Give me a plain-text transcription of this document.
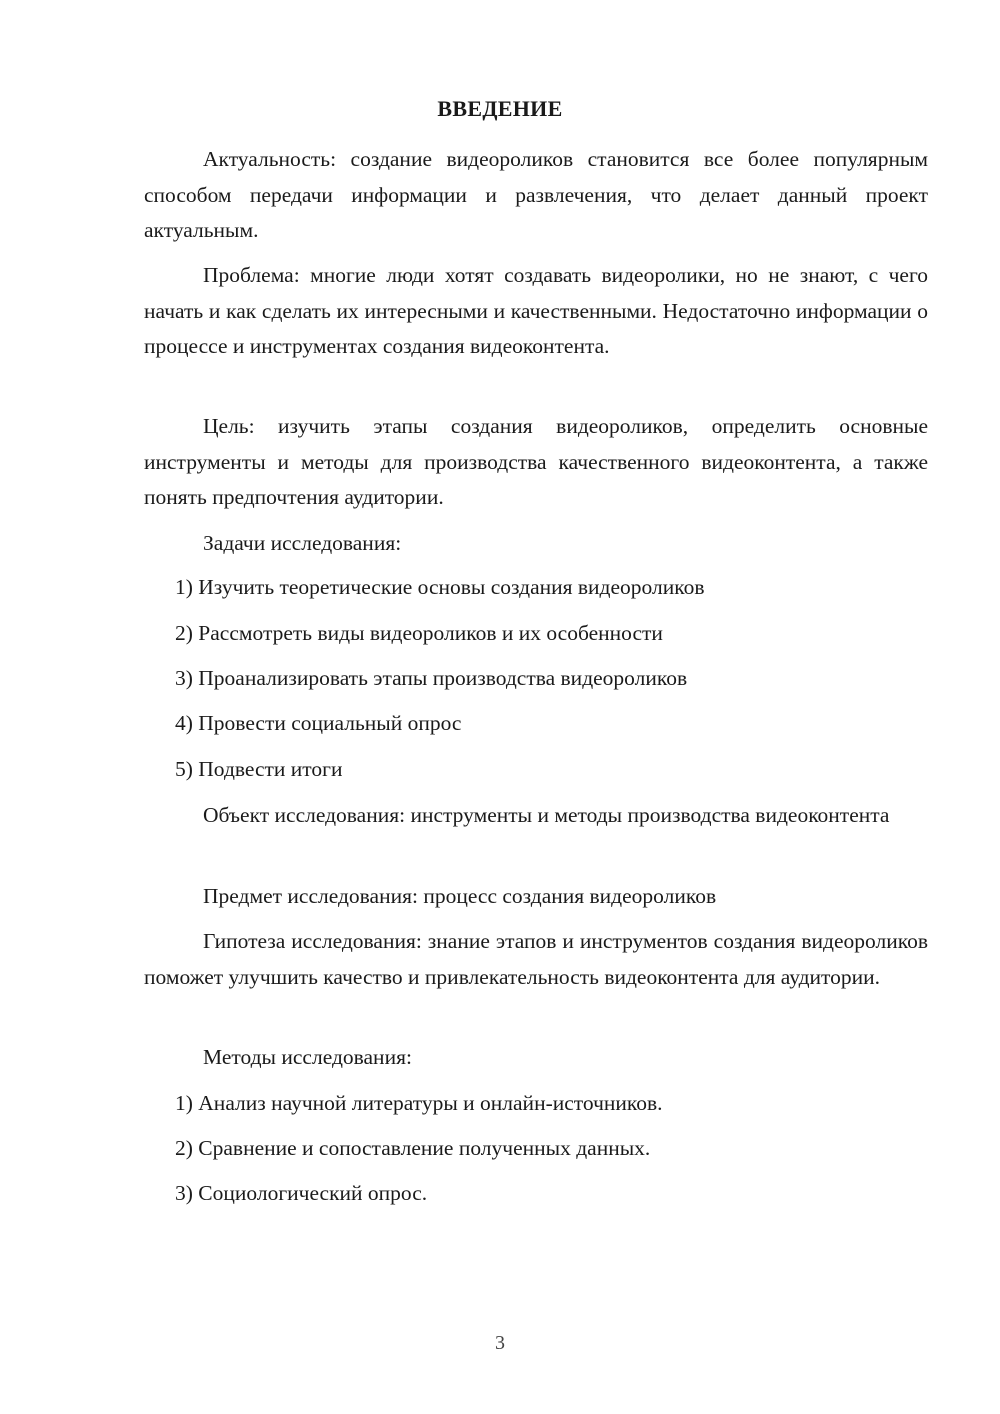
ВВЕДЕНИЕ

Актуальность: создание видеороликов становится все более популярным способом передачи информации и развлечения, что делает данный проект актуальным.

Проблема: многие люди хотят создавать видеоролики, но не знают, с чего начать и как сделать их интересными и качественными. Недостаточно информации о процессе и инструментах создания видеоконтента.

Цель: изучить этапы создания видеороликов, определить основные инструменты и методы для производства качественного видеоконтента, а также понять предпочтения аудитории.

Задачи исследования:

1) Изучить теоретические основы создания видеороликов

2) Рассмотреть виды видеороликов и их особенности

3) Проанализировать этапы производства видеороликов

4) Провести социальный опрос

5) Подвести итоги

Объект исследования: инструменты и методы производства видеоконтента

Предмет исследования: процесс создания видеороликов

Гипотеза исследования: знание этапов и инструментов создания видеороликов поможет улучшить качество и привлекательность видеоконтента для аудитории.

Методы исследования:

1) Анализ научной литературы и онлайн-источников.

2) Сравнение и сопоставление полученных данных.

3) Социологический опрос.

3
